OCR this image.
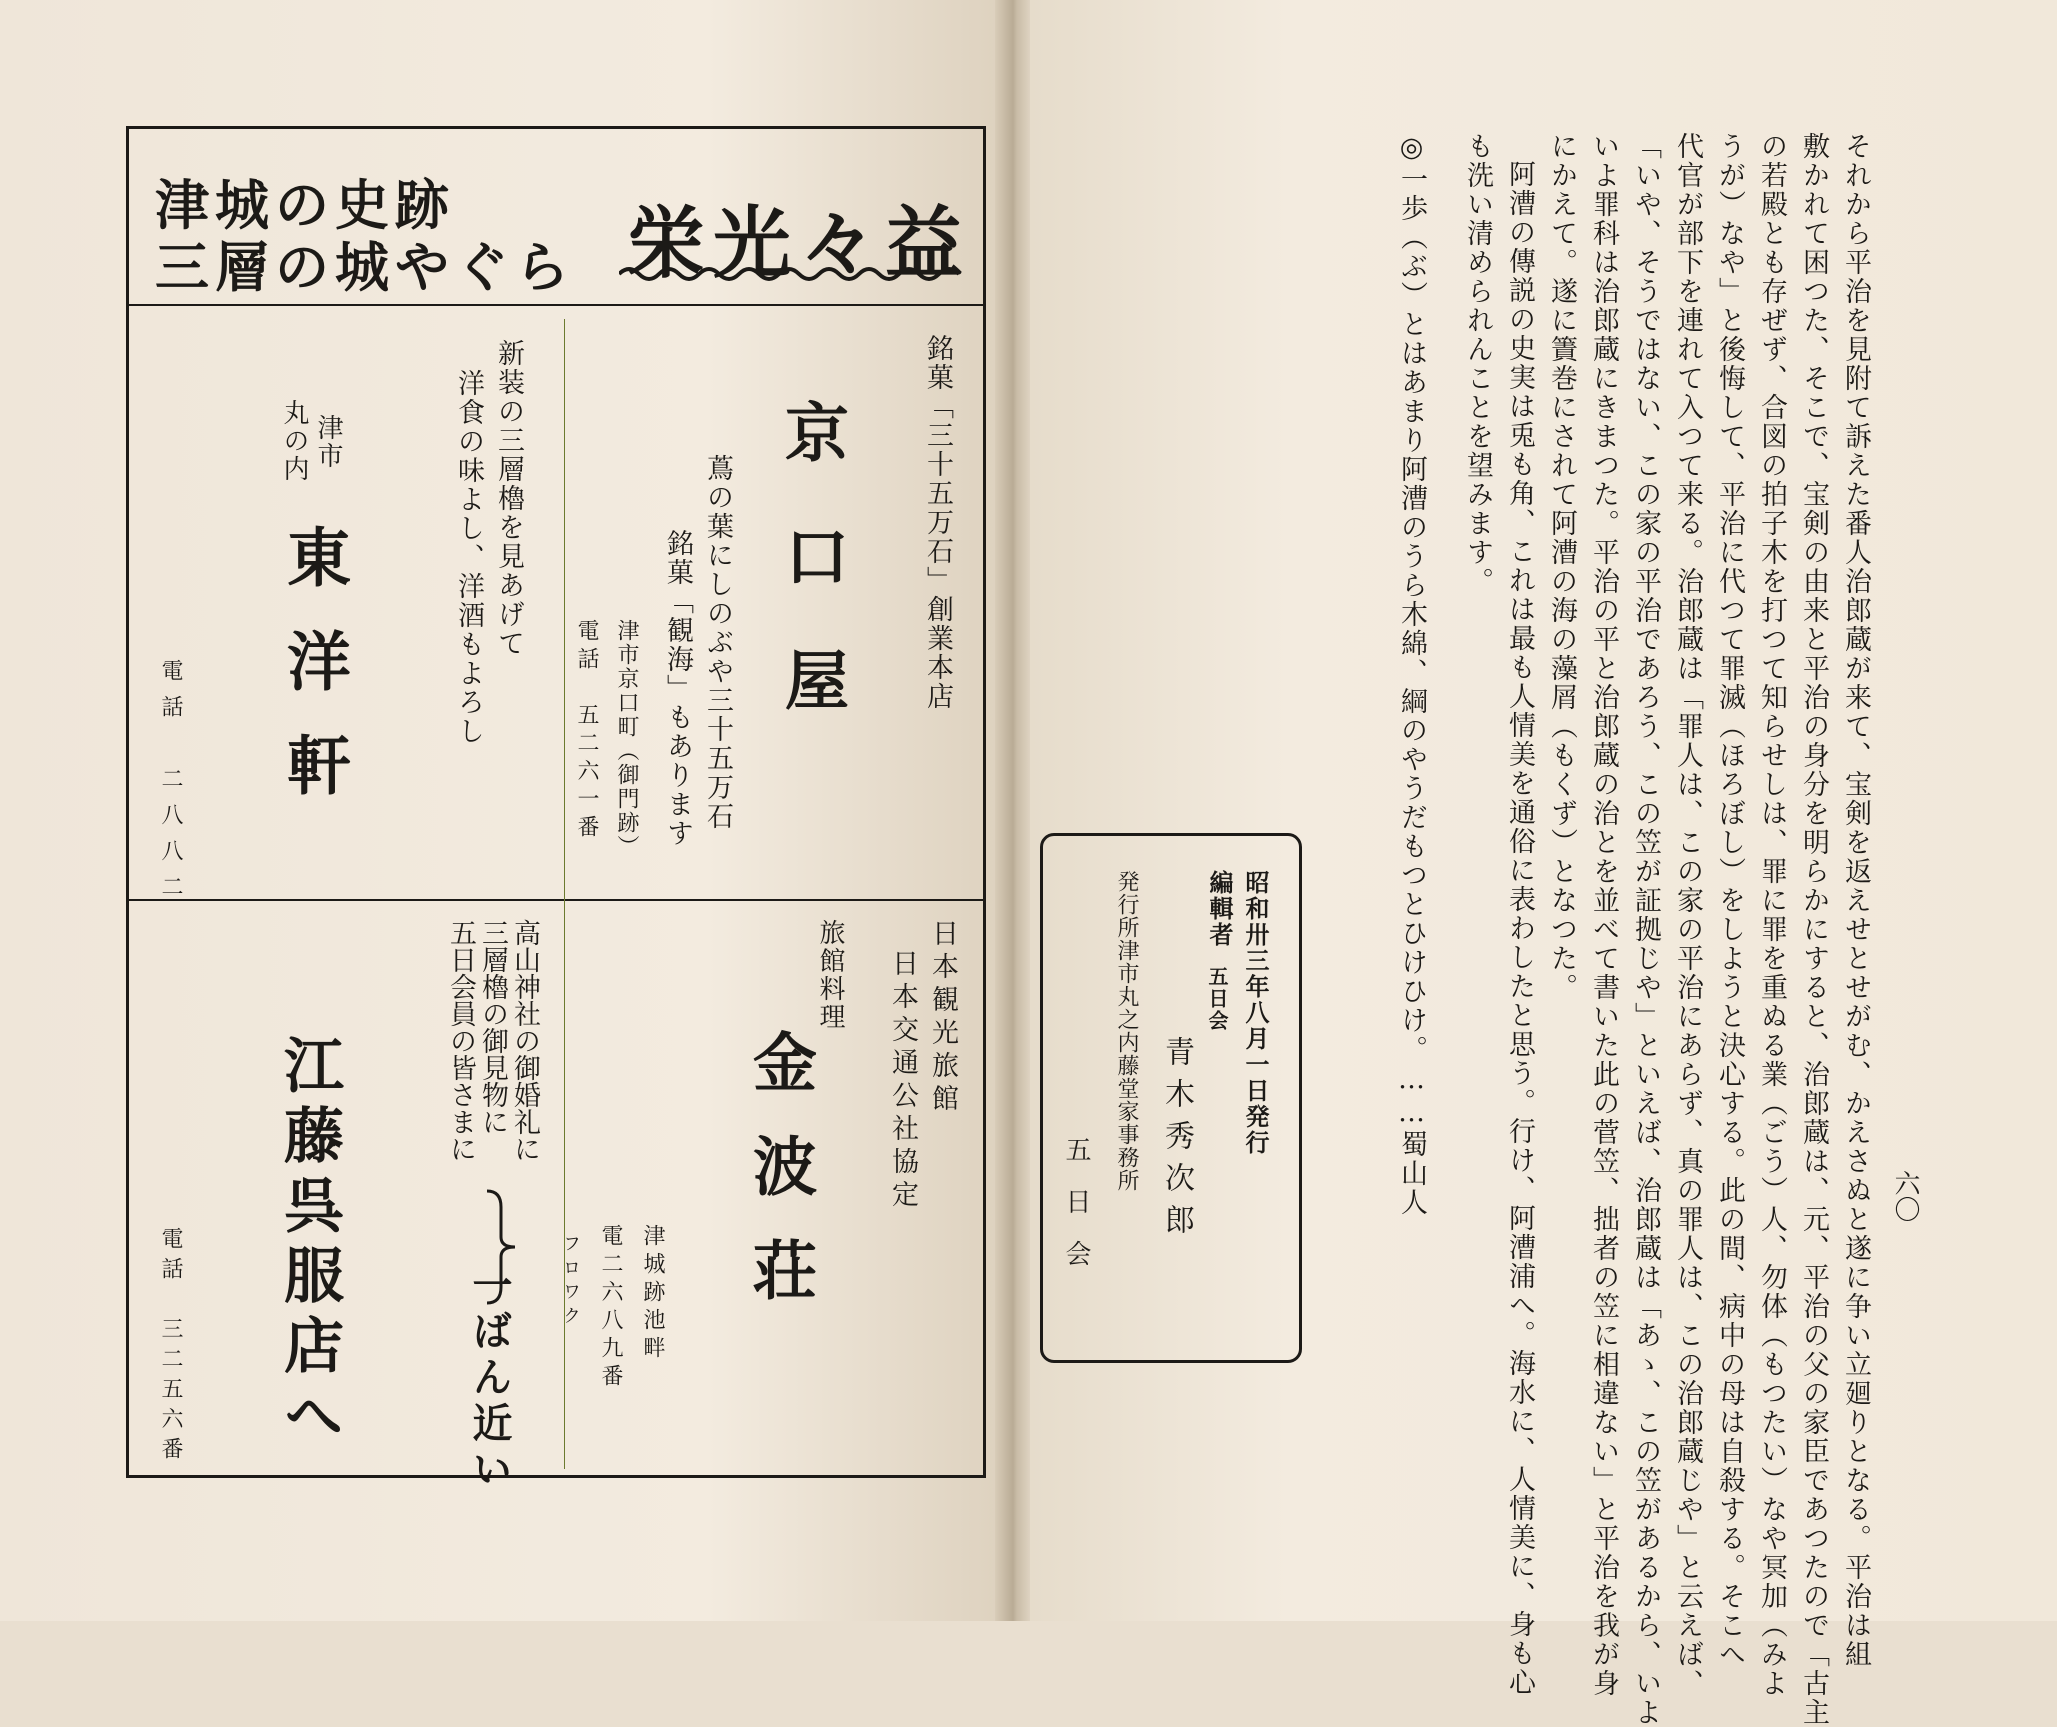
津城の史跡
三層の城やぐら 栄光々益
銘菓「三十五万石」創業本店
京口屋
蔦の葉にしのぶや三十五万石
銘菓「観海」もあります
津市京口町（御門跡）
電話　五二六一番
新装の三層櫓を見あげて
洋食の味よし、洋酒もよろし
津市
丸の内
東洋軒
電話　二八八二
日本観光旅館
日本交通公社協定
旅館料理
金波荘
津城跡池畔
電二六八九番
フロワク
高山神社の御婚礼に
三層櫓の御見物に
五日会員の皆さまに
一ばん近い
江藤呉服店へ
電話　三二五六番
昭和卅三年八月一日発行
編輯者
五日会
青木秀次郎
発行所津市丸之内藤堂家事務所
五日会	それから平治を見附て訴えた番人治郎蔵が来て、宝剣を返えせとせがむ、かえさぬと遂に争い立廻りとなる。平治は組
敷かれて困つた、そこで、宝剣の由来と平治の身分を明らかにすると、治郎蔵は、元、平治の父の家臣であつたので「古主
の若殿とも存ぜず、合図の拍子木を打つて知らせしは、罪に罪を重ぬる業（ごう）人、勿体（もつたい）なや冥加（みよ
うが）なや」と後悔して、平治に代つて罪滅（ほろぼし）をしようと決心する。此の間、病中の母は自殺する。そこへ
代官が部下を連れて入つて来る。治郎蔵は「罪人は、この家の平治にあらず、真の罪人は、この治郎蔵じや」と云えば、
「いや、そうではない、この家の平治であろう、この笠が証拠じや」といえば、治郎蔵は「あゝ、この笠があるから、いよ
いよ罪科は治郎蔵にきまつた。平治の平と治郎蔵の治とを並べて書いた此の菅笠、拙者の笠に相違ない」と平治を我が身
にかえて。遂に簀巻にされて阿漕の海の藻屑（もくず）となつた。
阿漕の傳説の史実は兎も角、これは最も人情美を通俗に表わしたと思う。行け、阿漕浦へ。海水に、人情美に、身も心
も洗い清められんことを望みます。
◎一歩（ぶ）とはあまり阿漕のうら木綿、綱のやうだもつとひけひけ。……蜀山人	六〇
